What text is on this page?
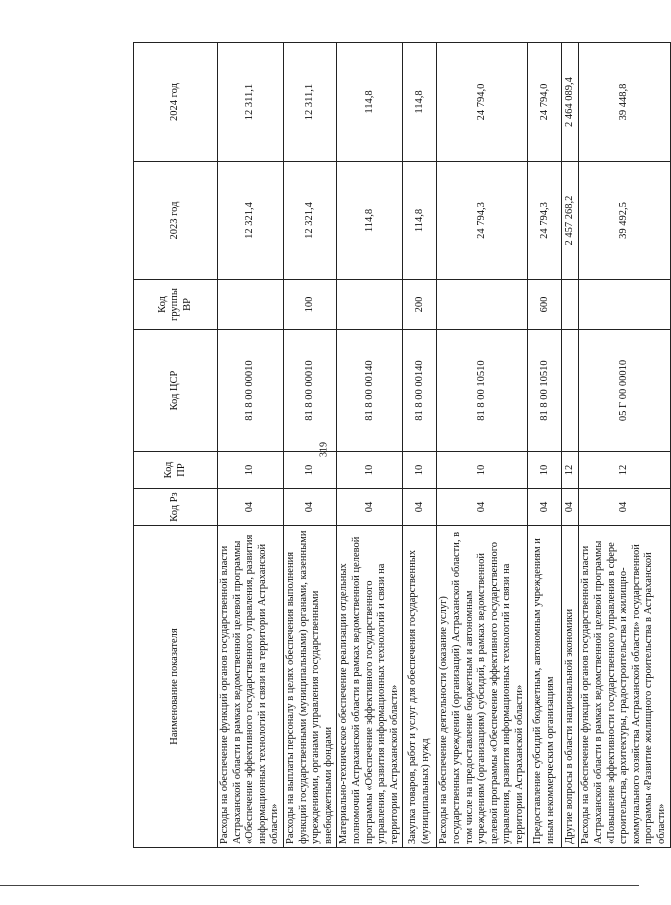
319
Наименование показателя	Код Рз	Код ПР	Код ЦСР	Код группы ВР	2023 год	2024 год
Расходы на обеспечение функций органов государственной власти Астраханской области в рамках ведомственной целевой программы «Обеспечение эффективного государственного управления, развития информационных технологий и связи на территории Астраханской области»	04	10	81 8 00 00010		12 321,4	12 311,1
Расходы на выплаты персоналу в целях обеспечения выполнения функций государственными (муниципальными) органами, казенными учреждениями, органами управления государственными внебюджетными фондами	04	10	81 8 00 00010	100	12 321,4	12 311,1
Материально-техническое обеспечение реализации отдельных полномочий Астраханской области в рамках ведомственной целевой программы «Обеспечение эффективного государственного управления, развития информационных технологий и связи на территории Астраханской области»	04	10	81 8 00 00140		114,8	114,8
Закупка товаров, работ и услуг для обеспечения государственных (муниципальных) нужд	04	10	81 8 00 00140	200	114,8	114,8
Расходы на обеспечение деятельности (оказание услуг) государственных учреждений (организаций) Астраханской области, в том числе на предоставление бюджетным и автономным учреждениям (организациям) субсидий, в рамках ведомственной целевой программы «Обеспечение эффективного государственного управления, развития информационных технологий и связи на территории Астраханской области»	04	10	81 8 00 10510		24 794,3	24 794,0
Предоставление субсидий бюджетным, автономным учреждениям и иным некоммерческим организациям	04	10	81 8 00 10510	600	24 794,3	24 794,0
Другие вопросы в области национальной экономики	04	12			2 457 268,2	2 464 089,4
Расходы на обеспечение функций органов государственной власти Астраханской области в рамках ведомственной целевой программы «Повышение эффективности государственного управления в сфере строительства, архитектуры, градостроительства и жилищно-коммунального хозяйства Астраханской области» государственной программы «Развитие жилищного строительства в Астраханской области»	04	12	05 Г 00 00010		39 492,5	39 448,8
